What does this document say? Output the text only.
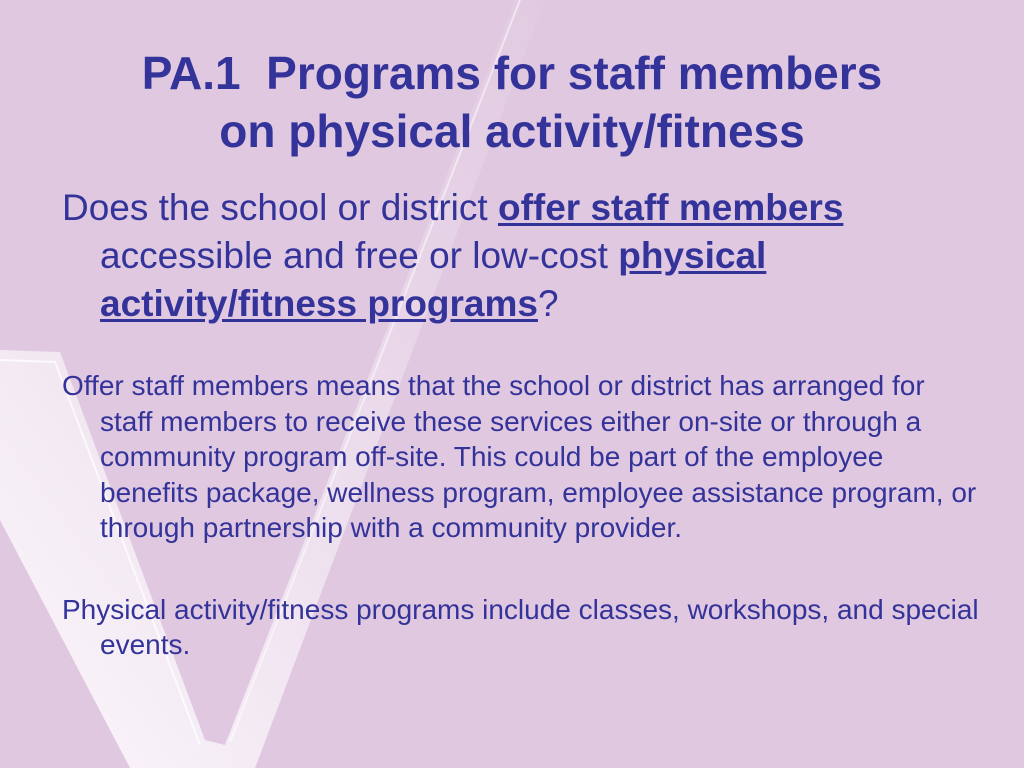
PA.1  Programs for staff members
on physical activity/fitness

Does the school or district offer staff members accessible and free or low-cost physical activity/fitness programs?

Offer staff members means that the school or district has arranged for staff members to receive these services either on-site or through a community program off-site. This could be part of the employee benefits package, wellness program, employee assistance program, or through partnership with a community provider.

Physical activity/fitness programs include classes, workshops, and special events.
